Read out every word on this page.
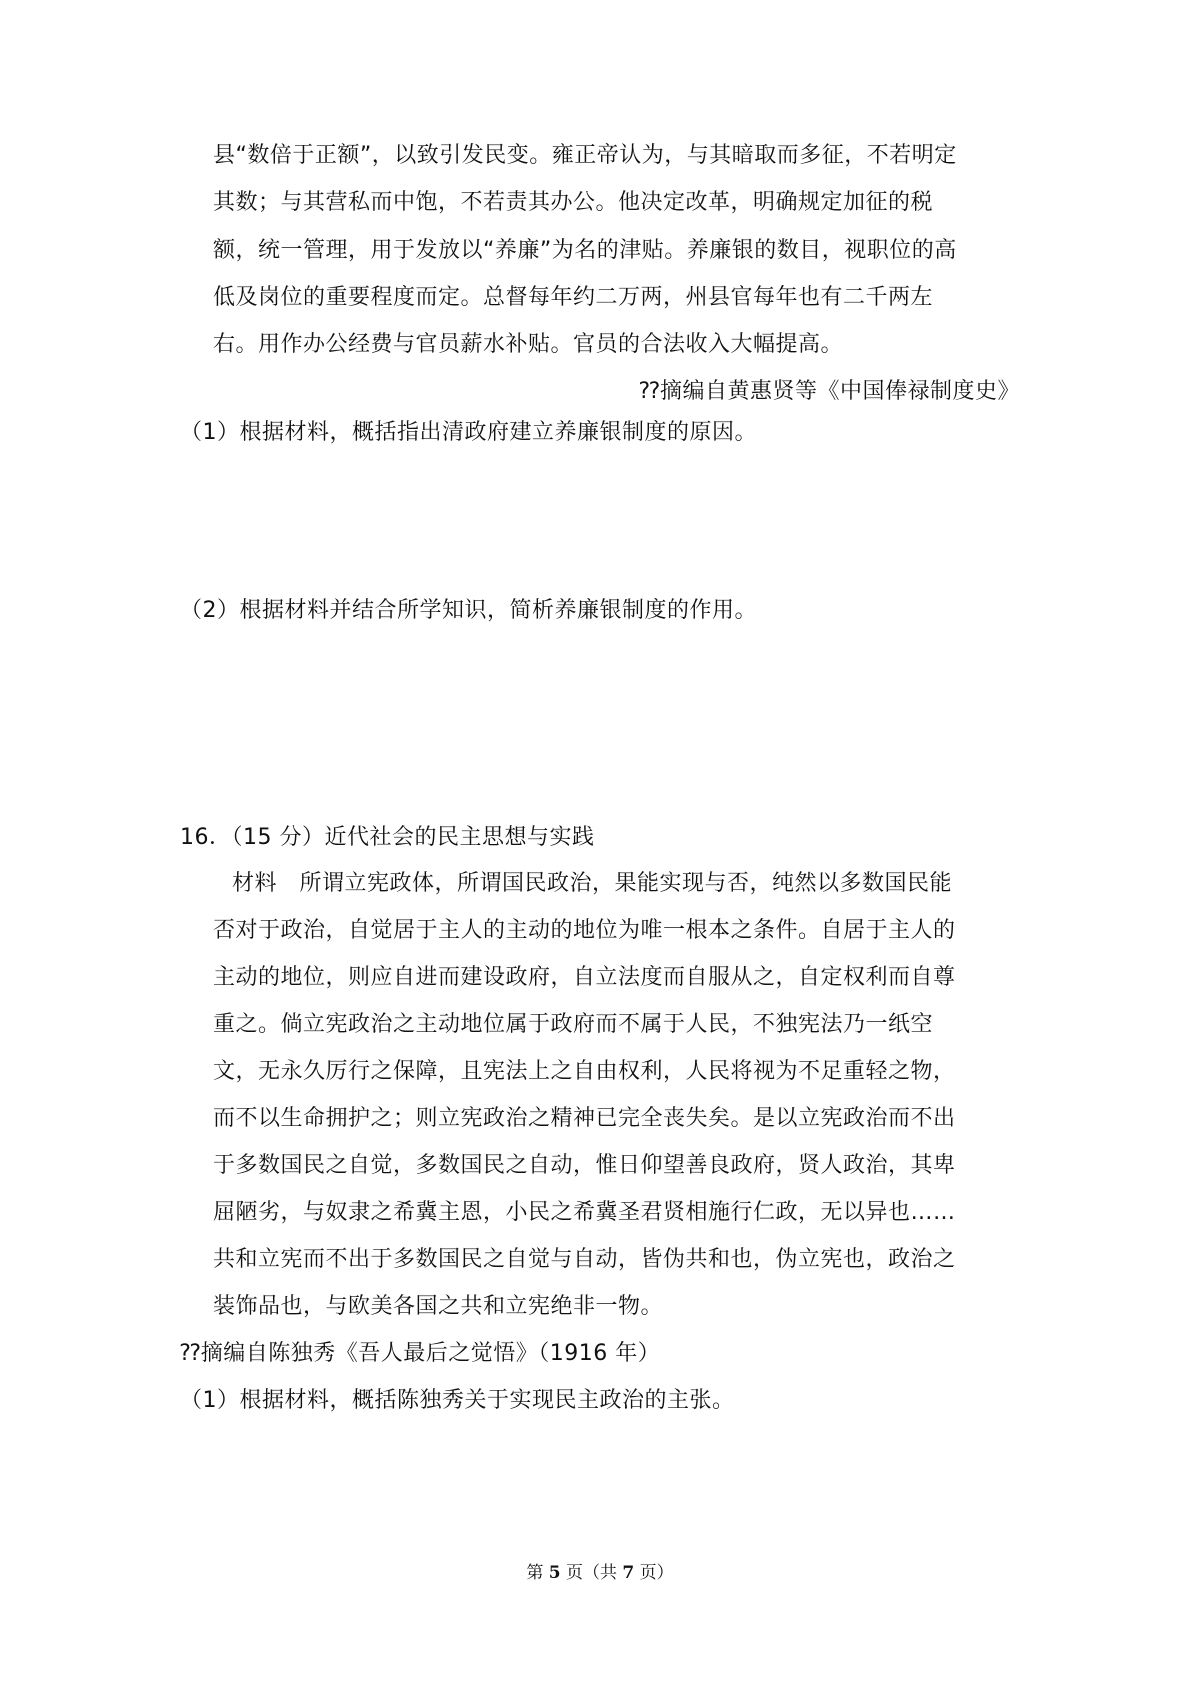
县“数倍于正额”，以致引发民变。雍正帝认为，与其暗取而多征，不若明定
其数；与其营私而中饱，不若责其办公。他决定改革，明确规定加征的税
额，统一管理，用于发放以“养廉”为名的津贴。养廉银的数目，视职位的高
低及岗位的重要程度而定。总督每年约二万两，州县官每年也有二千两左
右。用作办公经费与官员薪水补贴。官员的合法收入大幅提高。
⁇摘编自黄惠贤等《中国俸禄制度史》
（1）根据材料，概括指出清政府建立养廉银制度的原因。
（2）根据材料并结合所学知识，简析养廉银制度的作用。
16．（15 分）近代社会的民主思想与实践
材料　所谓立宪政体，所谓国民政治，果能实现与否，纯然以多数国民能
否对于政治，自觉居于主人的主动的地位为唯一根本之条件。自居于主人的
主动的地位，则应自进而建设政府，自立法度而自服从之，自定权利而自尊
重之。倘立宪政治之主动地位属于政府而不属于人民，不独宪法乃一纸空
文，无永久厉行之保障，且宪法上之自由权利，人民将视为不足重轻之物，
而不以生命拥护之；则立宪政治之精神已完全丧失矣。是以立宪政治而不出
于多数国民之自觉，多数国民之自动，惟日仰望善良政府，贤人政治，其卑
屈陋劣，与奴隶之希冀主恩，小民之希冀圣君贤相施行仁政，无以异也……
共和立宪而不出于多数国民之自觉与自动，皆伪共和也，伪立宪也，政治之
装饰品也，与欧美各国之共和立宪绝非一物。
⁇摘编自陈独秀《吾人最后之觉悟》（1916 年）
（1）根据材料，概括陈独秀关于实现民主政治的主张。
第 5 页（共 7 页）
